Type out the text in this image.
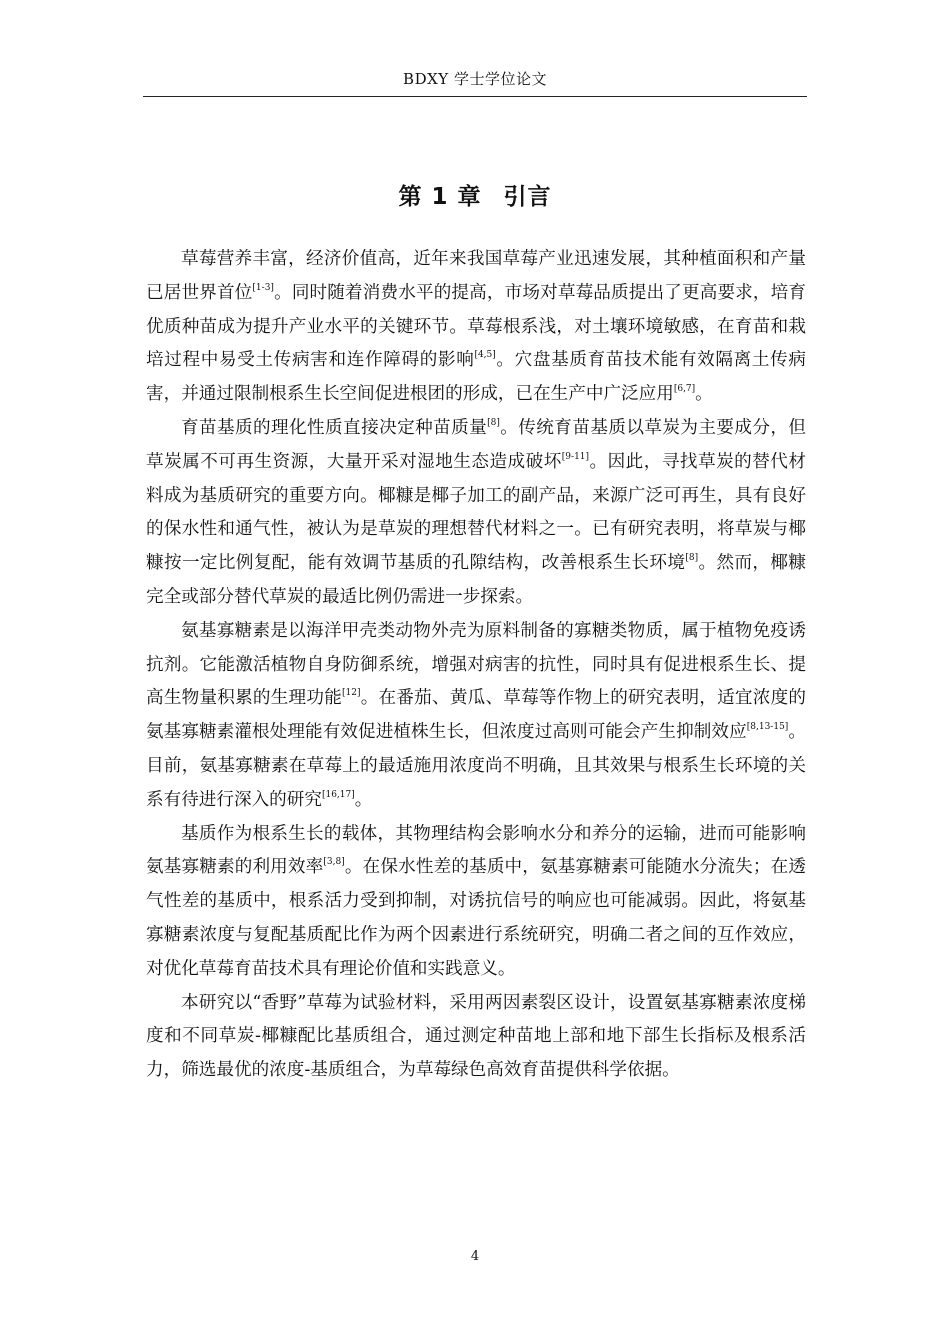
BDXY 学士学位论文
第 1 章 引言

草莓营养丰富，经济价值高，近年来我国草莓产业迅速发展，其种植面积和产量已居世界首位[1-3]。同时随着消费水平的提高，市场对草莓品质提出了更高要求，培育优质种苗成为提升产业水平的关键环节。草莓根系浅，对土壤环境敏感，在育苗和栽培过程中易受土传病害和连作障碍的影响[4,5]。穴盘基质育苗技术能有效隔离土传病害，并通过限制根系生长空间促进根团的形成，已在生产中广泛应用[6,7]。

育苗基质的理化性质直接决定种苗质量[8]。传统育苗基质以草炭为主要成分，但草炭属不可再生资源，大量开采对湿地生态造成破坏[9-11]。因此，寻找草炭的替代材料成为基质研究的重要方向。椰糠是椰子加工的副产品，来源广泛可再生，具有良好的保水性和通气性，被认为是草炭的理想替代材料之一。已有研究表明，将草炭与椰糠按一定比例复配，能有效调节基质的孔隙结构，改善根系生长环境[8]。然而，椰糠完全或部分替代草炭的最适比例仍需进一步探索。

氨基寡糖素是以海洋甲壳类动物外壳为原料制备的寡糖类物质，属于植物免疫诱抗剂。它能激活植物自身防御系统，增强对病害的抗性，同时具有促进根系生长、提高生物量积累的生理功能[12]。在番茄、黄瓜、草莓等作物上的研究表明，适宜浓度的氨基寡糖素灌根处理能有效促进植株生长，但浓度过高则可能会产生抑制效应[8,13-15]。目前，氨基寡糖素在草莓上的最适施用浓度尚不明确，且其效果与根系生长环境的关系有待进行深入的研究[16,17]。

基质作为根系生长的载体，其物理结构会影响水分和养分的运输，进而可能影响氨基寡糖素的利用效率[3,8]。在保水性差的基质中，氨基寡糖素可能随水分流失；在透气性差的基质中，根系活力受到抑制，对诱抗信号的响应也可能减弱。因此，将氨基寡糖素浓度与复配基质配比作为两个因素进行系统研究，明确二者之间的互作效应，对优化草莓育苗技术具有理论价值和实践意义。

本研究以“香野”草莓为试验材料，采用两因素裂区设计，设置氨基寡糖素浓度梯度和不同草炭-椰糠配比基质组合，通过测定种苗地上部和地下部生长指标及根系活力，筛选最优的浓度-基质组合，为草莓绿色高效育苗提供科学依据。

4
